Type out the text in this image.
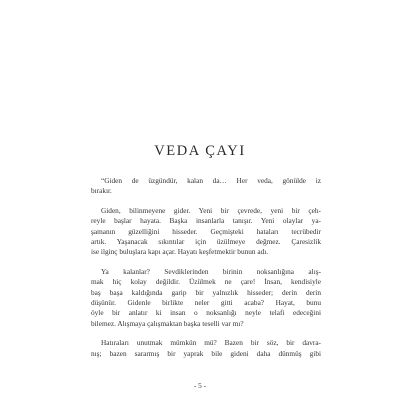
VEDA ÇAYI

“Giden de üzgündür, kalan da… Her veda, gönülde iz
bırakır.

Giden, bilinmeyene gider. Yeni bir çevrede, yeni bir çeh-
reyle başlar hayata. Başka insanlarla tanışır. Yeni olaylar ya-
şamanın güzelliğini hisseder. Geçmişteki hataları tecrübedir
artık. Yaşanacak sıkıntılar için üzülmeye değmez. Çaresizlik
ise ilginç buluşlara kapı açar. Hayatı keşfetmektir bunun adı.

Ya kalanlar? Sevdiklerinden birinin noksanlığına alış-
mak hiç kolay değildir. Üzülmek ne çare! İnsan, kendisiyle
baş başa kaldığında garip bir yalnızlık hisseder; derin derin
düşünür. Gidenle birlikte neler gitti acaba? Hayat, bunu
öyle bir anlatır ki insan o noksanlığı neyle telafi edeceğini
bilemez. Alışmaya çalışmaktan başka teselli var mı?

Hatıraları unutmak mümkün mü? Bazen bir söz, bir davra-
nış; bazen sararmış bir yaprak bile gideni daha dünmüş gibi

- 5 -
